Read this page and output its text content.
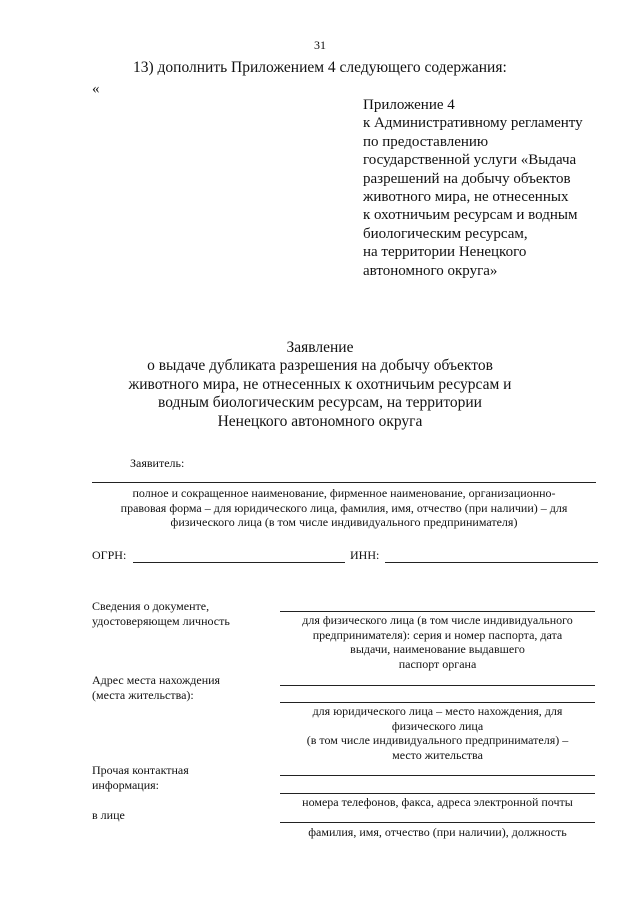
31
13) дополнить Приложением 4 следующего содержания:
«
Приложение 4
к Административному регламенту
по предоставлению
государственной услуги «Выдача
разрешений на добычу объектов
животного мира, не отнесенных
к охотничьим ресурсам и водным
биологическим ресурсам,
на территории Ненецкого
автономного округа»
Заявление
о выдаче дубликата разрешения на добычу объектов
животного мира, не отнесенных к охотничьим ресурсам и
водным биологическим ресурсам, на территории
Ненецкого автономного округа
Заявитель:
полное и сокращенное наименование, фирменное наименование, организационно-
правовая форма – для юридического лица, фамилия, имя, отчество (при наличии) – для
физического лица (в том числе индивидуального предпринимателя)
ОГРН:	ИНН:
Сведения о документе,
удостоверяющем личность	для физического лица (в том числе индивидуального
предпринимателя): серия и номер паспорта, дата
выдачи, наименование выдавшего
паспорт органа
Адрес места нахождения
(места жительства):
для юридического лица – место нахождения, для
физического лица
(в том числе индивидуального предпринимателя) –
место жительства
Прочая контактная
информация:
номера телефонов, факса, адреса электронной почты
в лице
фамилия, имя, отчество (при наличии), должность
